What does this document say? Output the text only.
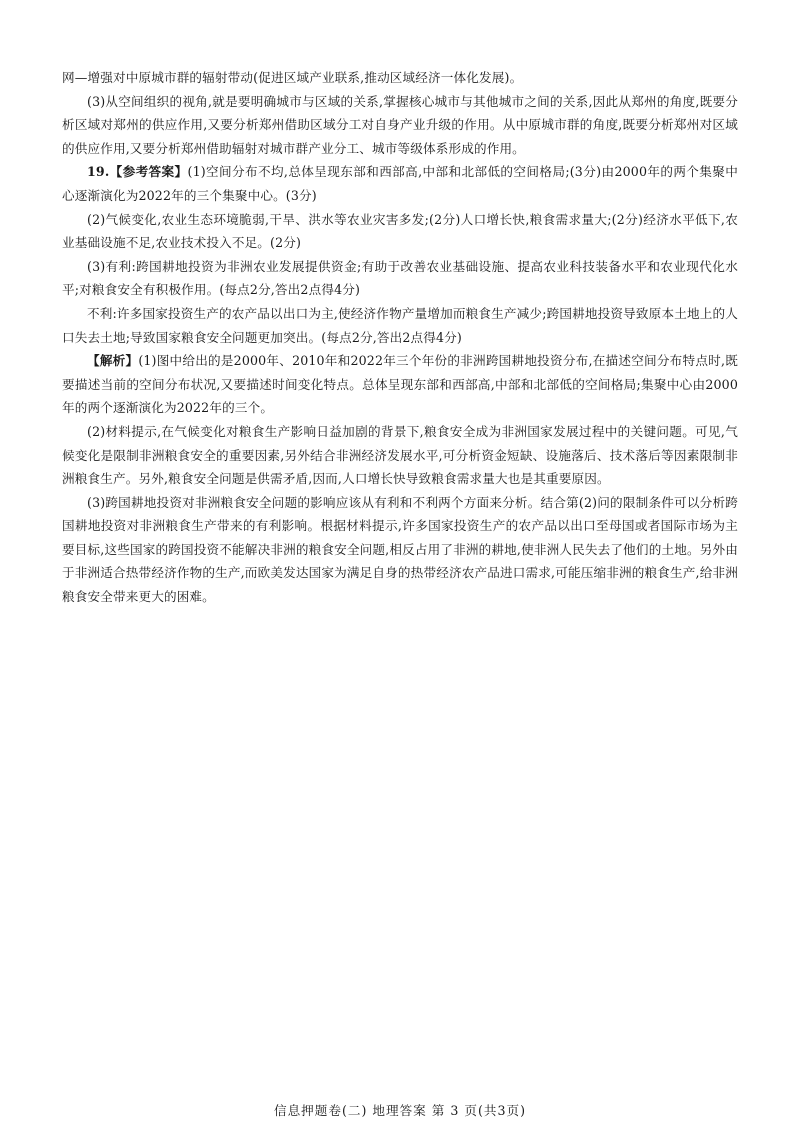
网—增强对中原城市群的辐射带动(促进区域产业联系,推动区域经济一体化发展)。

(3)从空间组织的视角,就是要明确城市与区域的关系,掌握核心城市与其他城市之间的关系,因此从郑州的角度,既要分析区域对郑州的供应作用,又要分析郑州借助区域分工对自身产业升级的作用。从中原城市群的角度,既要分析郑州对区域的供应作用,又要分析郑州借助辐射对城市群产业分工、城市等级体系形成的作用。

19.【参考答案】(1)空间分布不均,总体呈现东部和西部高,中部和北部低的空间格局;(3分)由2000年的两个集聚中心逐渐演化为2022年的三个集聚中心。(3分)

(2)气候变化,农业生态环境脆弱,干旱、洪水等农业灾害多发;(2分)人口增长快,粮食需求量大;(2分)经济水平低下,农业基础设施不足,农业技术投入不足。(2分)

(3)有利:跨国耕地投资为非洲农业发展提供资金;有助于改善农业基础设施、提高农业科技装备水平和农业现代化水平;对粮食安全有积极作用。(每点2分,答出2点得4分)

不利:许多国家投资生产的农产品以出口为主,使经济作物产量增加而粮食生产减少;跨国耕地投资导致原本土地上的人口失去土地;导致国家粮食安全问题更加突出。(每点2分,答出2点得4分)

【解析】(1)图中给出的是2000年、2010年和2022年三个年份的非洲跨国耕地投资分布,在描述空间分布特点时,既要描述当前的空间分布状况,又要描述时间变化特点。总体呈现东部和西部高,中部和北部低的空间格局;集聚中心由2000年的两个逐渐演化为2022年的三个。

(2)材料提示,在气候变化对粮食生产影响日益加剧的背景下,粮食安全成为非洲国家发展过程中的关键问题。可见,气候变化是限制非洲粮食安全的重要因素,另外结合非洲经济发展水平,可分析资金短缺、设施落后、技术落后等因素限制非洲粮食生产。另外,粮食安全问题是供需矛盾,因而,人口增长快导致粮食需求量大也是其重要原因。

(3)跨国耕地投资对非洲粮食安全问题的影响应该从有利和不利两个方面来分析。结合第(2)问的限制条件可以分析跨国耕地投资对非洲粮食生产带来的有利影响。根据材料提示,许多国家投资生产的农产品以出口至母国或者国际市场为主要目标,这些国家的跨国投资不能解决非洲的粮食安全问题,相反占用了非洲的耕地,使非洲人民失去了他们的土地。另外由于非洲适合热带经济作物的生产,而欧美发达国家为满足自身的热带经济农产品进口需求,可能压缩非洲的粮食生产,给非洲粮食安全带来更大的困难。

信息押题卷(二) 地理答案 第 3 页(共3页)
